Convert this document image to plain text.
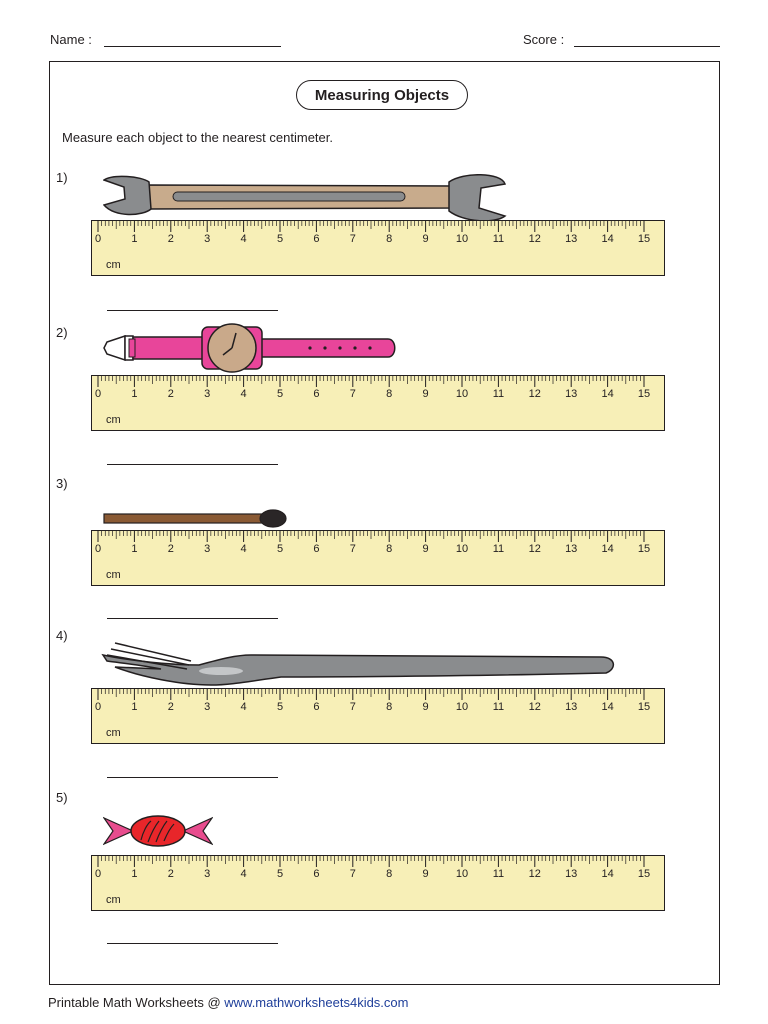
Name :	Score :
Measuring Objects
Measure each object to the nearest centimeter.
1)
0	1	2	3	4	5	6	7	8	9 10 11 12 13 14 15
cm
2)
0	1	2	3	4	5	6	7	8	9 10 11 12 13 14 15
cm
3)
0	1	2	3	4	5	6	7	8	9 10 11 12 13 14 15
cm
4)
0	1	2	3	4	5	6	7	8	9 10 11 12 13 14 15
cm
5)
0	1	2	3	4	5	6	7	8	9 10 11 12 13 14 15
cm
Printable Math Worksheets @ www.mathworksheets4kids.com
